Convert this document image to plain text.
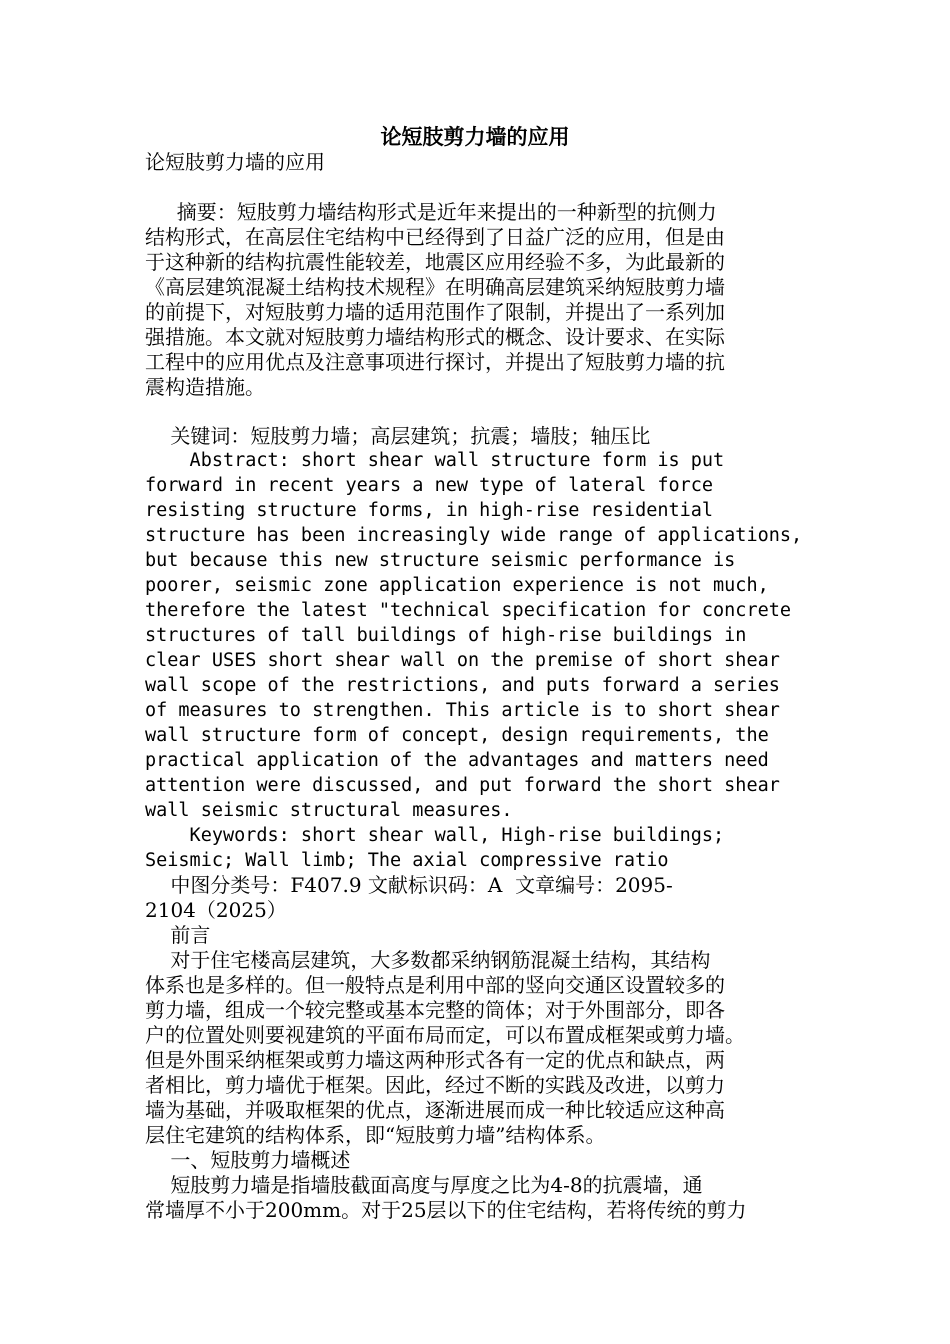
论短肢剪力墙的应用
论短肢剪力墙的应用
摘要：短肢剪力墙结构形式是近年来提出的一种新型的抗侧力
结构形式，在高层住宅结构中已经得到了日益广泛的应用，但是由
于这种新的结构抗震性能较差，地震区应用经验不多，为此最新的
《高层建筑混凝土结构技术规程》在明确高层建筑采纳短肢剪力墙
的前提下，对短肢剪力墙的适用范围作了限制，并提出了一系列加
强措施。本文就对短肢剪力墙结构形式的概念、设计要求、在实际
工程中的应用优点及注意事项进行探讨，并提出了短肢剪力墙的抗
震构造措施。
关键词：短肢剪力墙；高层建筑；抗震；墙肢；轴压比
Abstract: short shear wall structure form is put
forward in recent years a new type of lateral force
resisting structure forms, in high-rise residential
structure has been increasingly wide range of applications,
but because this new structure seismic performance is
poorer, seismic zone application experience is not much,
therefore the latest "technical specification for concrete
structures of tall buildings of high-rise buildings in
clear USES short shear wall on the premise of short shear
wall scope of the restrictions, and puts forward a series
of measures to strengthen. This article is to short shear
wall structure form of concept, design requirements, the
practical application of the advantages and matters need
attention were discussed, and put forward the short shear
wall seismic structural measures.
Keywords: short shear wall, High-rise buildings;
Seismic; Wall limb; The axial compressive ratio
中图分类号：F407.9 文献标识码：A  文章编号：2095-
2104（2025）
前言
对于住宅楼高层建筑，大多数都采纳钢筋混凝土结构，其结构
体系也是多样的。但一般特点是利用中部的竖向交通区设置较多的
剪力墙，组成一个较完整或基本完整的筒体；对于外围部分，即各
户的位置处则要视建筑的平面布局而定，可以布置成框架或剪力墙。
但是外围采纳框架或剪力墙这两种形式各有一定的优点和缺点，两
者相比，剪力墙优于框架。因此，经过不断的实践及改进，以剪力
墙为基础，并吸取框架的优点，逐渐进展而成一种比较适应这种高
层住宅建筑的结构体系，即“短肢剪力墙”结构体系。
一、短肢剪力墙概述
短肢剪力墙是指墙肢截面高度与厚度之比为4-8的抗震墙，通
常墙厚不小于200mm。对于25层以下的住宅结构，若将传统的剪力
